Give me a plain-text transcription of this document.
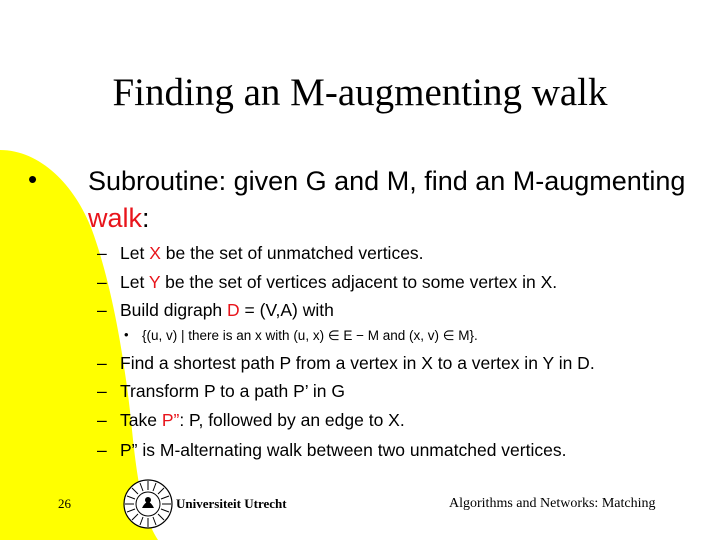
Finding an M-augmenting walk
• Subroutine: given G and M, find an M-augmenting walk:
– Let X be the set of unmatched vertices.
– Let Y be the set of vertices adjacent to some vertex in X.
– Build digraph D = (V,A) with
• {(u, v) | there is an x with (u, x) ∈ E − M and (x, v) ∈ M}.
– Find a shortest path P from a vertex in X to a vertex in Y in D.
– Transform P to a path P’ in G
– Take P”: P, followed by an edge to X.
– P” is M-alternating walk between two unmatched vertices.
26	Universiteit Utrecht	Algorithms and Networks: Matching
